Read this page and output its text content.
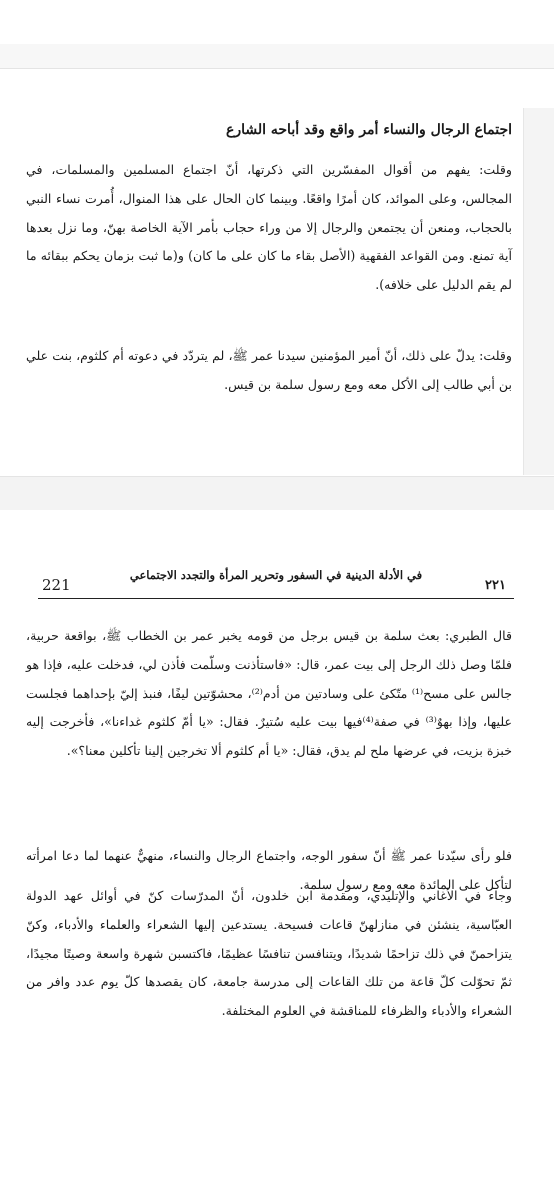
اجتماع الرجال والنساء أمر واقع وقد أباحه الشارع
وقلت: يفهم من أقوال المفسّرين التي ذكرتها، أنّ اجتماع المسلمين والمسلمات، في المجالس، وعلى الموائد، كان أمرًا واقعًا. وبينما كان الحال على هذا المنوال، أُمرت نساء النبي بالحجاب، ومنعن أن يجتمعن والرجال إلا من وراء حجاب بأمر الآية الخاصة بهنّ، وما نزل بعدها آية تمنع. ومن القواعد الفقهية (الأصل بقاء ما كان على ما كان) و(ما ثبت بزمان يحكم ببقائه ما لم يقم الدليل على خلافه).
وقلت: يدلّ على ذلك، أنّ أمير المؤمنين سيدنا عمر ﷺ، لم يتردّد في دعوته أم كلثوم، بنت علي بن أبي طالب إلى الأكل معه ومع رسول سلمة بن قيس.
221
في الأدلة الدينية في السفور وتحرير المرأة والتجدد الاجتماعي
٢٢١
قال الطبري: بعث سلمة بن قيس برجل من قومه يخبر عمر بن الخطاب ﷺ، بواقعة حربية، فلمّا وصل ذلك الرجل إلى بيت عمر، قال: «فاستأذنت وسلّمت فأذن لي، فدخلت عليه، فإذا هو جالس على مسح⁽¹⁾ متّكئ على وسادتين من أدم⁽²⁾، محشوّتين ليفًا، فنبذ إليّ بإحداهما فجلست عليها، وإذا بهوٌ⁽³⁾ في صفة⁽⁴⁾فيها بيت عليه سُتيرٌ. فقال: «يا أمّ كلثوم غداءنا»، فأخرجت إليه خبزة بزيت، في عرضها ملح لم يدق، فقال: «يا أم كلثوم ألا تخرجين إلينا تأكلين معنا؟».
فلو رأى سيّدنا عمر ﷺ أنّ سفور الوجه، واجتماع الرجال والنساء، منهيٌّ عنهما لما دعا امرأته لتأكل على المائدة معه ومع رسول سلمة.
وجاء في الأغاني والإتليدي، ومقدمة ابن خلدون، أنّ المدرّسات كنّ في أوائل عهد الدولة العبّاسية، ينشئن في منازلهنّ قاعات فسيحة. يستدعين إليها الشعراء والعلماء والأدباء، وكنّ يتزاحمنّ في ذلك تزاحمًا شديدًا، ويتنافسن تنافسًا عظيمًا، فاكتسبن شهرة واسعة وصيتًا مجيدًا، ثمّ تحوّلت كلّ قاعة من تلك القاعات إلى مدرسة جامعة، كان يقصدها كلّ يوم عدد وافر من الشعراء والأدباء والظرفاء للمناقشة في العلوم المختلفة.
